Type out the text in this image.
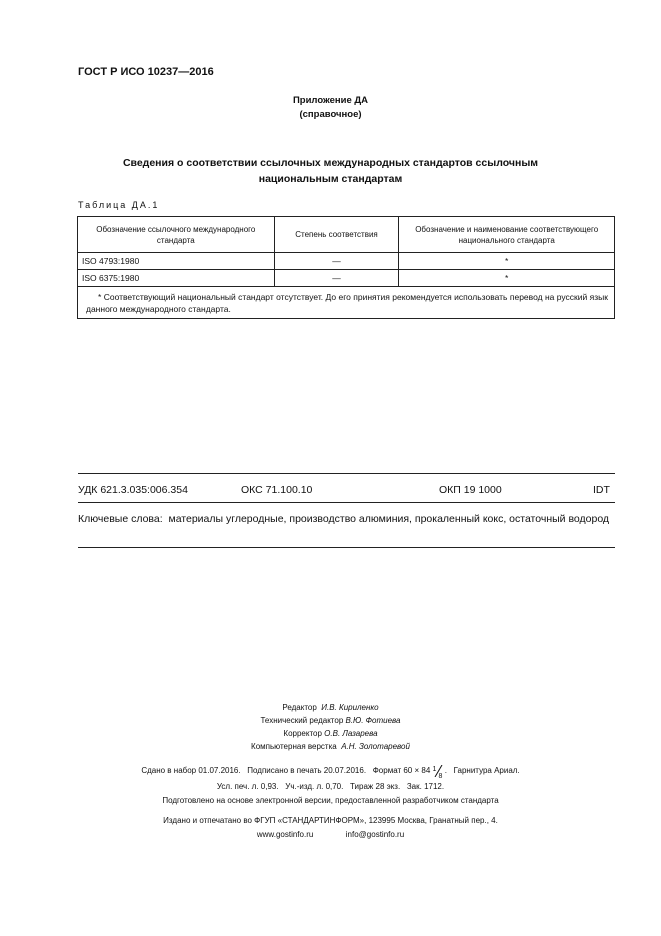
ГОСТ Р ИСО 10237—2016
Приложение ДА
(справочное)
Сведения о соответствии ссылочных международных стандартов ссылочным
национальным стандартам
Таблица ДА.1
Обозначение ссылочного международного стандарта	Степень соответствия	Обозначение и наименование соответствующего национального стандарта
ISO 4793:1980	—	*
ISO 6375:1980	—	*
* Соответствующий национальный стандарт отсутствует. До его принятия рекомендуется использовать перевод на русский язык данного международного стандарта.		
УДК 621.3.035:006.354	ОКС 71.100.10	ОКП 19 1000	IDT
Ключевые слова: материалы углеродные, производство алюминия, прокаленный кокс, остаточный водород
Редактор И.В. Кириленко
Технический редактор В.Ю. Фотиева
Корректор О.В. Лазарева
Компьютерная верстка А.Н. Золотаревой
Сдано в набор 01.07.2016.   Подписано в печать 20.07.2016.   Формат 60 × 84 1
8
.   Гарнитура Ариал.
Усл. печ. л. 0,93.   Уч.-изд. л. 0,70.   Тираж 28 экз.   Зак. 1712.
Подготовлено на основе электронной версии, предоставленной разработчиком стандарта
Издано и отпечатано во ФГУП «СТАНДАРТИНФОРМ», 123995 Москва, Гранатный пер., 4.
www.gostinfo.ru	info@gostinfo.ru
